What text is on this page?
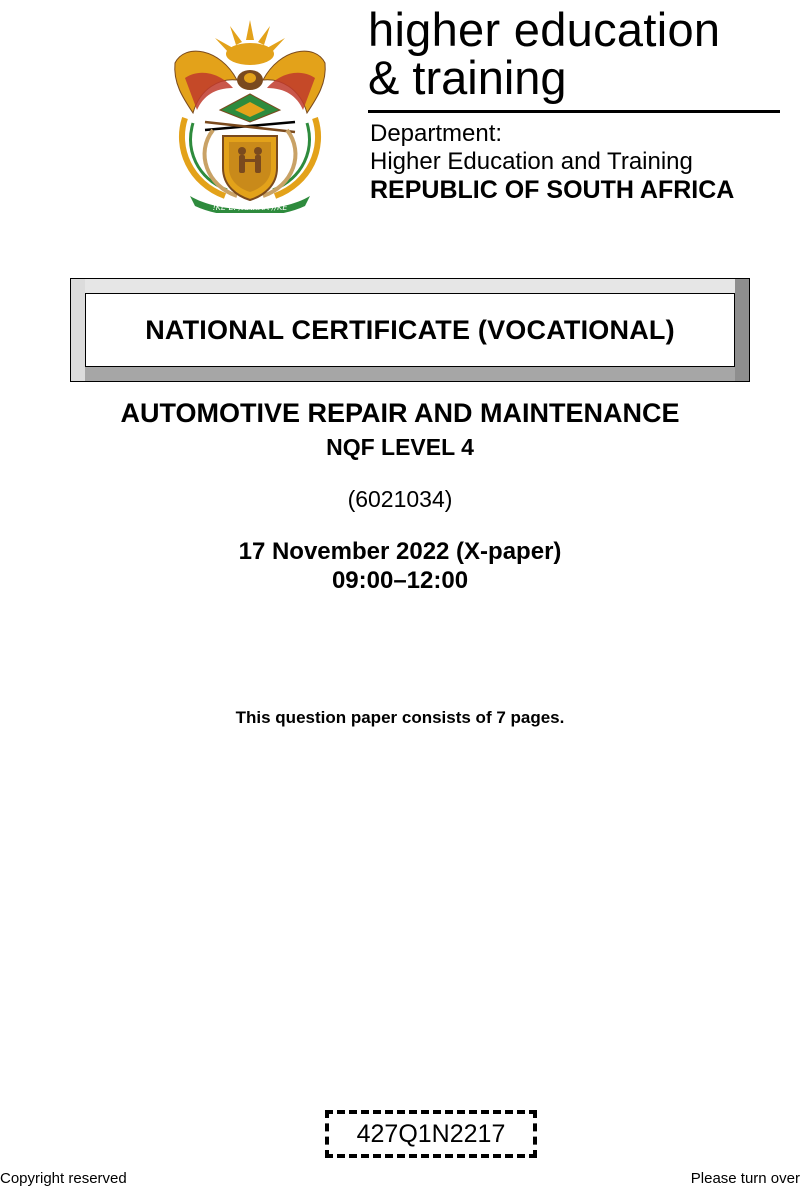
!KE E: /XARRA //KE
higher education
& training
Department:
Higher Education and Training
REPUBLIC OF SOUTH AFRICA
NATIONAL CERTIFICATE (VOCATIONAL)
AUTOMOTIVE REPAIR AND MAINTENANCE
NQF LEVEL 4
(6021034)
17 November 2022 (X-paper)
09:00–12:00
This question paper consists of 7 pages.
427Q1N2217
Copyright reserved	Please turn over
